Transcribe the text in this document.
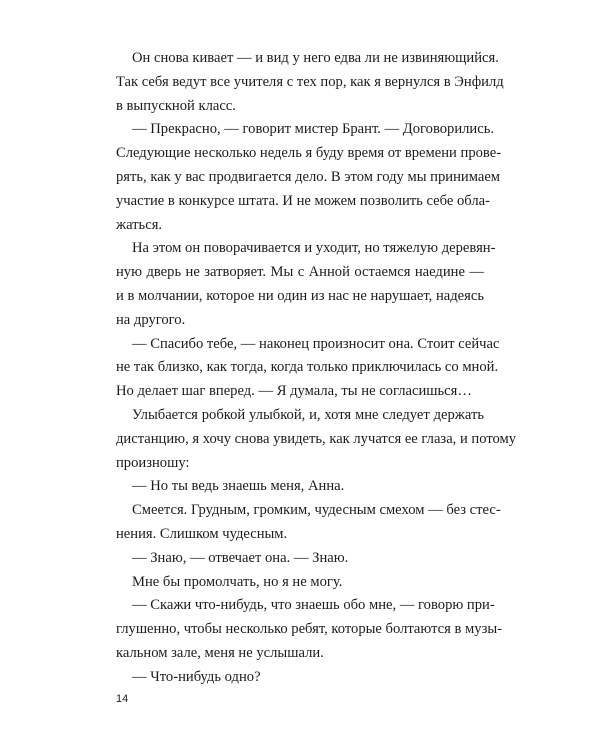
Он снова кивает — и вид у него едва ли не извиняющийся.
Так себя ведут все учителя с тех пор, как я вернулся в Энфилд
в выпускной класс.
— Прекрасно, — говорит мистер Брант. — Договорились.
Следующие несколько недель я буду время от времени прове-
рять, как у вас продвигается дело. В этом году мы принимаем
участие в конкурсе штата. И не можем позволить себе обла-
жаться.
На этом он поворачивается и уходит, но тяжелую деревян-
ную дверь не затворяет. Мы с Анной остаемся наедине —
и в молчании, которое ни один из нас не нарушает, надеясь
на другого.
— Спасибо тебе, — наконец произносит она. Стоит сейчас
не так близко, как тогда, когда только приключилась со мной.
Но делает шаг вперед. — Я думала, ты не согласишься…
Улыбается робкой улыбкой, и, хотя мне следует держать
дистанцию, я хочу снова увидеть, как лучатся ее глаза, и потому
произношу:
— Но ты ведь знаешь меня, Анна.
Смеется. Грудным, громким, чудесным смехом — без стес-
нения. Слишком чудесным.
— Знаю, — отвечает она. — Знаю.
Мне бы промолчать, но я не могу.
— Скажи что-нибудь, что знаешь обо мне, — говорю при-
глушенно, чтобы несколько ребят, которые болтаются в музы-
кальном зале, меня не услышали.
— Что-нибудь одно?
14
